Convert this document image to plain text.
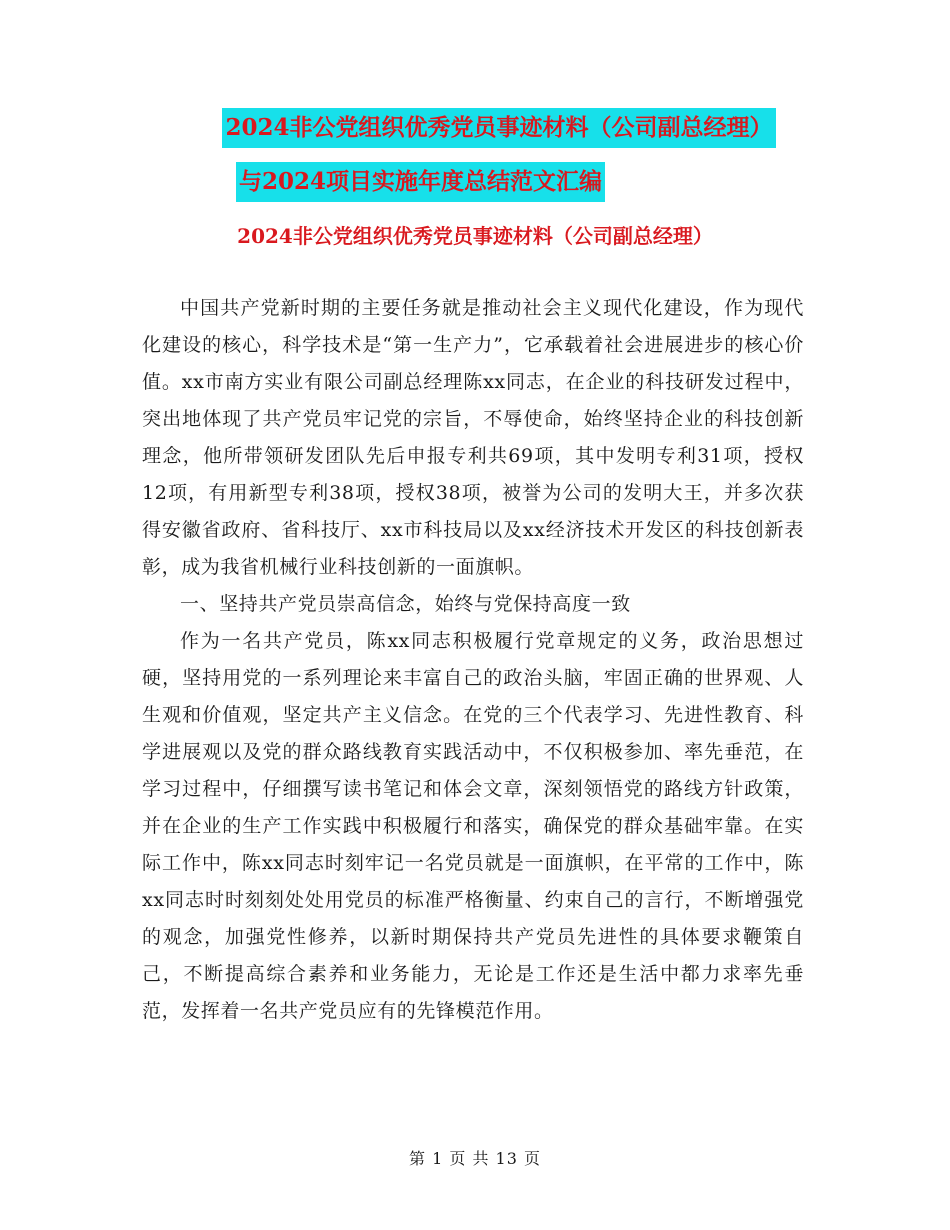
2024非公党组织优秀党员事迹材料（公司副总经理）
与2024项目实施年度总结范文汇编
2024非公党组织优秀党员事迹材料（公司副总经理）

中国共产党新时期的主要任务就是推动社会主义现代化建设，作为现代化建设的核心，科学技术是“第一生产力”，它承载着社会进展进步的核心价值。xx市南方实业有限公司副总经理陈xx同志，在企业的科技研发过程中，突出地体现了共产党员牢记党的宗旨，不辱使命，始终坚持企业的科技创新理念，他所带领研发团队先后申报专利共69项，其中发明专利31项，授权12项，有用新型专利38项，授权38项，被誉为公司的发明大王，并多次获得安徽省政府、省科技厅、xx市科技局以及xx经济技术开发区的科技创新表彰，成为我省机械行业科技创新的一面旗帜。

一、坚持共产党员崇高信念，始终与党保持高度一致

作为一名共产党员，陈xx同志积极履行党章规定的义务，政治思想过硬，坚持用党的一系列理论来丰富自己的政治头脑，牢固正确的世界观、人生观和价值观，坚定共产主义信念。在党的三个代表学习、先进性教育、科学进展观以及党的群众路线教育实践活动中，不仅积极参加、率先垂范，在学习过程中，仔细撰写读书笔记和体会文章，深刻领悟党的路线方针政策，并在企业的生产工作实践中积极履行和落实，确保党的群众基础牢靠。在实际工作中，陈xx同志时刻牢记一名党员就是一面旗帜，在平常的工作中，陈xx同志时时刻刻处处用党员的标准严格衡量、约束自己的言行，不断增强党的观念，加强党性修养，以新时期保持共产党员先进性的具体要求鞭策自己，不断提高综合素养和业务能力，无论是工作还是生活中都力求率先垂范，发挥着一名共产党员应有的先锋模范作用。

第 1 页 共 13 页
